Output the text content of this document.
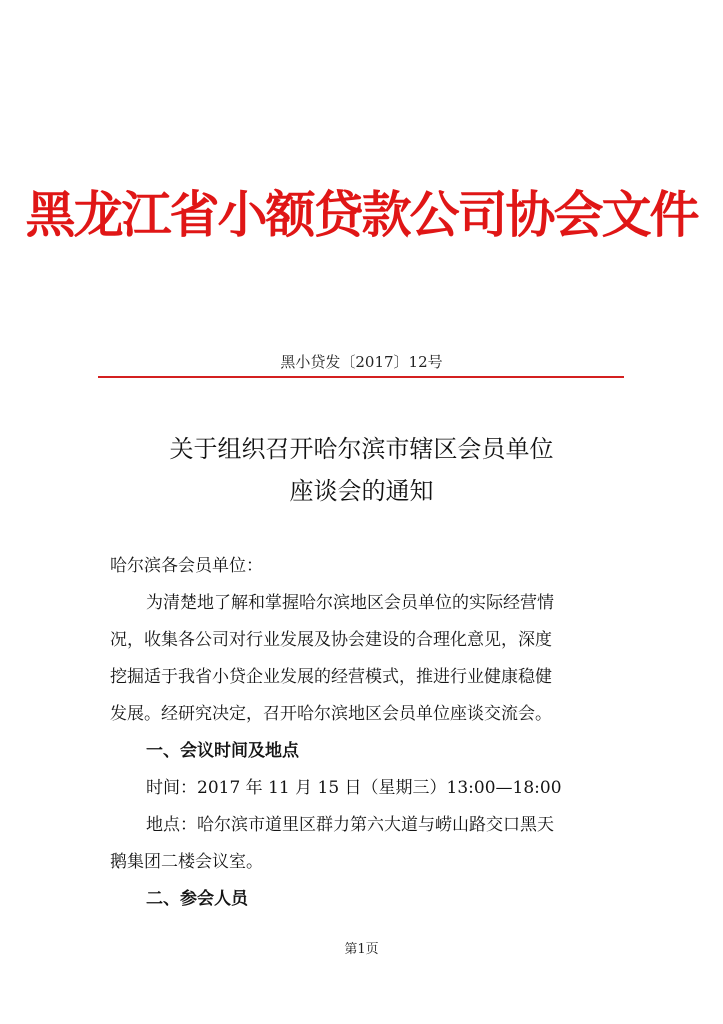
黑龙江省小额贷款公司协会文件
黑小贷发〔2017〕12号
关于组织召开哈尔滨市辖区会员单位
座谈会的通知
哈尔滨各会员单位：
为清楚地了解和掌握哈尔滨地区会员单位的实际经营情
况，收集各公司对行业发展及协会建设的合理化意见，深度
挖掘适于我省小贷企业发展的经营模式，推进行业健康稳健
发展。经研究决定，召开哈尔滨地区会员单位座谈交流会。
一、会议时间及地点
时间：2017 年 11 月 15 日（星期三）13:00—18:00
地点：哈尔滨市道里区群力第六大道与崂山路交口黑天
鹅集团二楼会议室。
二、参会人员
第1页
